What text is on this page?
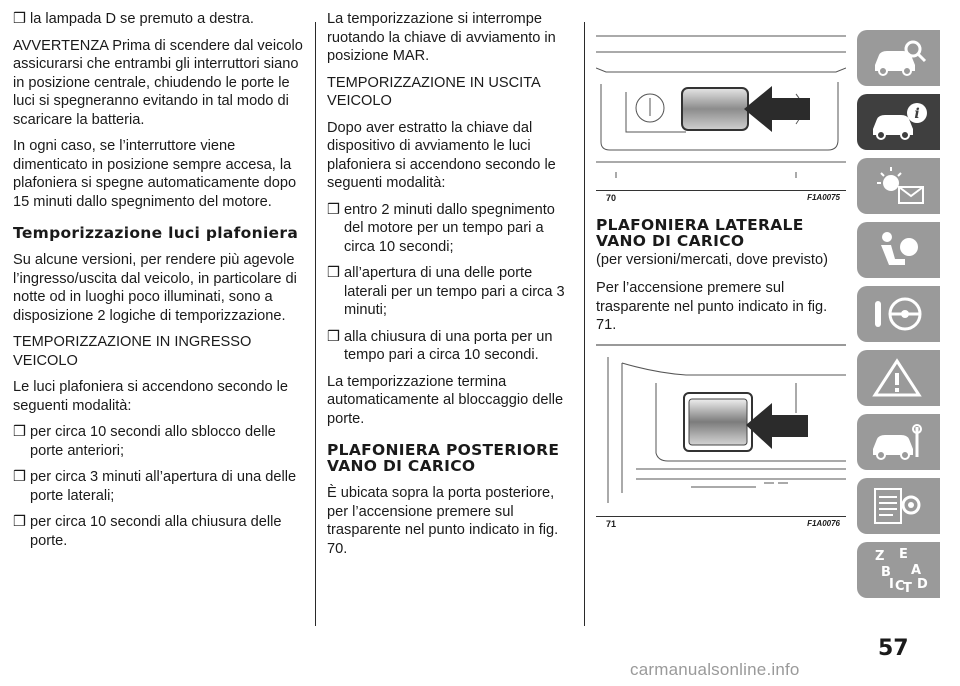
❒ la lampada D se premuto a destra.

AVVERTENZA Prima di scendere dal veicolo assicurarsi che entrambi gli interruttori siano in posizione centrale, chiudendo le porte le luci si spegneranno evitando in tal modo di scaricare la batteria.

In ogni caso, se l’interruttore viene dimenticato in posizione sempre accesa, la plafoniera si spegne automaticamente dopo 15 minuti dallo spegnimento del motore.

Temporizzazione luci plafoniera

Su alcune versioni, per rendere più agevole l’ingresso/uscita dal veicolo, in particolare di notte od in luoghi poco illuminati, sono a disposizione 2 logiche di temporizzazione.

TEMPORIZZAZIONE IN INGRESSO VEICOLO

Le luci plafoniera si accendono secondo le seguenti modalità:

❒ per circa 10 secondi allo sblocco delle porte anteriori;

❒ per circa 3 minuti all’apertura di una delle porte laterali;

❒ per circa 10 secondi alla chiusura delle porte.

La temporizzazione si interrompe ruotando la chiave di avviamento in posizione MAR.

TEMPORIZZAZIONE IN USCITA VEICOLO

Dopo aver estratto la chiave dal dispositivo di avviamento le luci plafoniera si accendono secondo le seguenti modalità:

❒ entro 2 minuti dallo spegnimento del motore per un tempo pari a circa 10 secondi;

❒ all’apertura di una delle porte laterali per un tempo pari a circa 3 minuti;

❒ alla chiusura di una porta per un tempo pari a circa 10 secondi.

La temporizzazione termina automaticamente al bloccaggio delle porte.

PLAFONIERA POSTERIORE VANO DI CARICO

È ubicata sopra la porta posteriore, per l’accensione premere sul trasparente nel punto indicato in fig. 70.

70	F1A0075
PLAFONIERA LATERALE VANO DI CARICO

(per versioni/mercati, dove previsto)

Per l’accensione premere sul trasparente nel punto indicato in fig. 71.

71	F1A0076
i
Z E
B A
I C
T D
57
carmanualsonline.info
